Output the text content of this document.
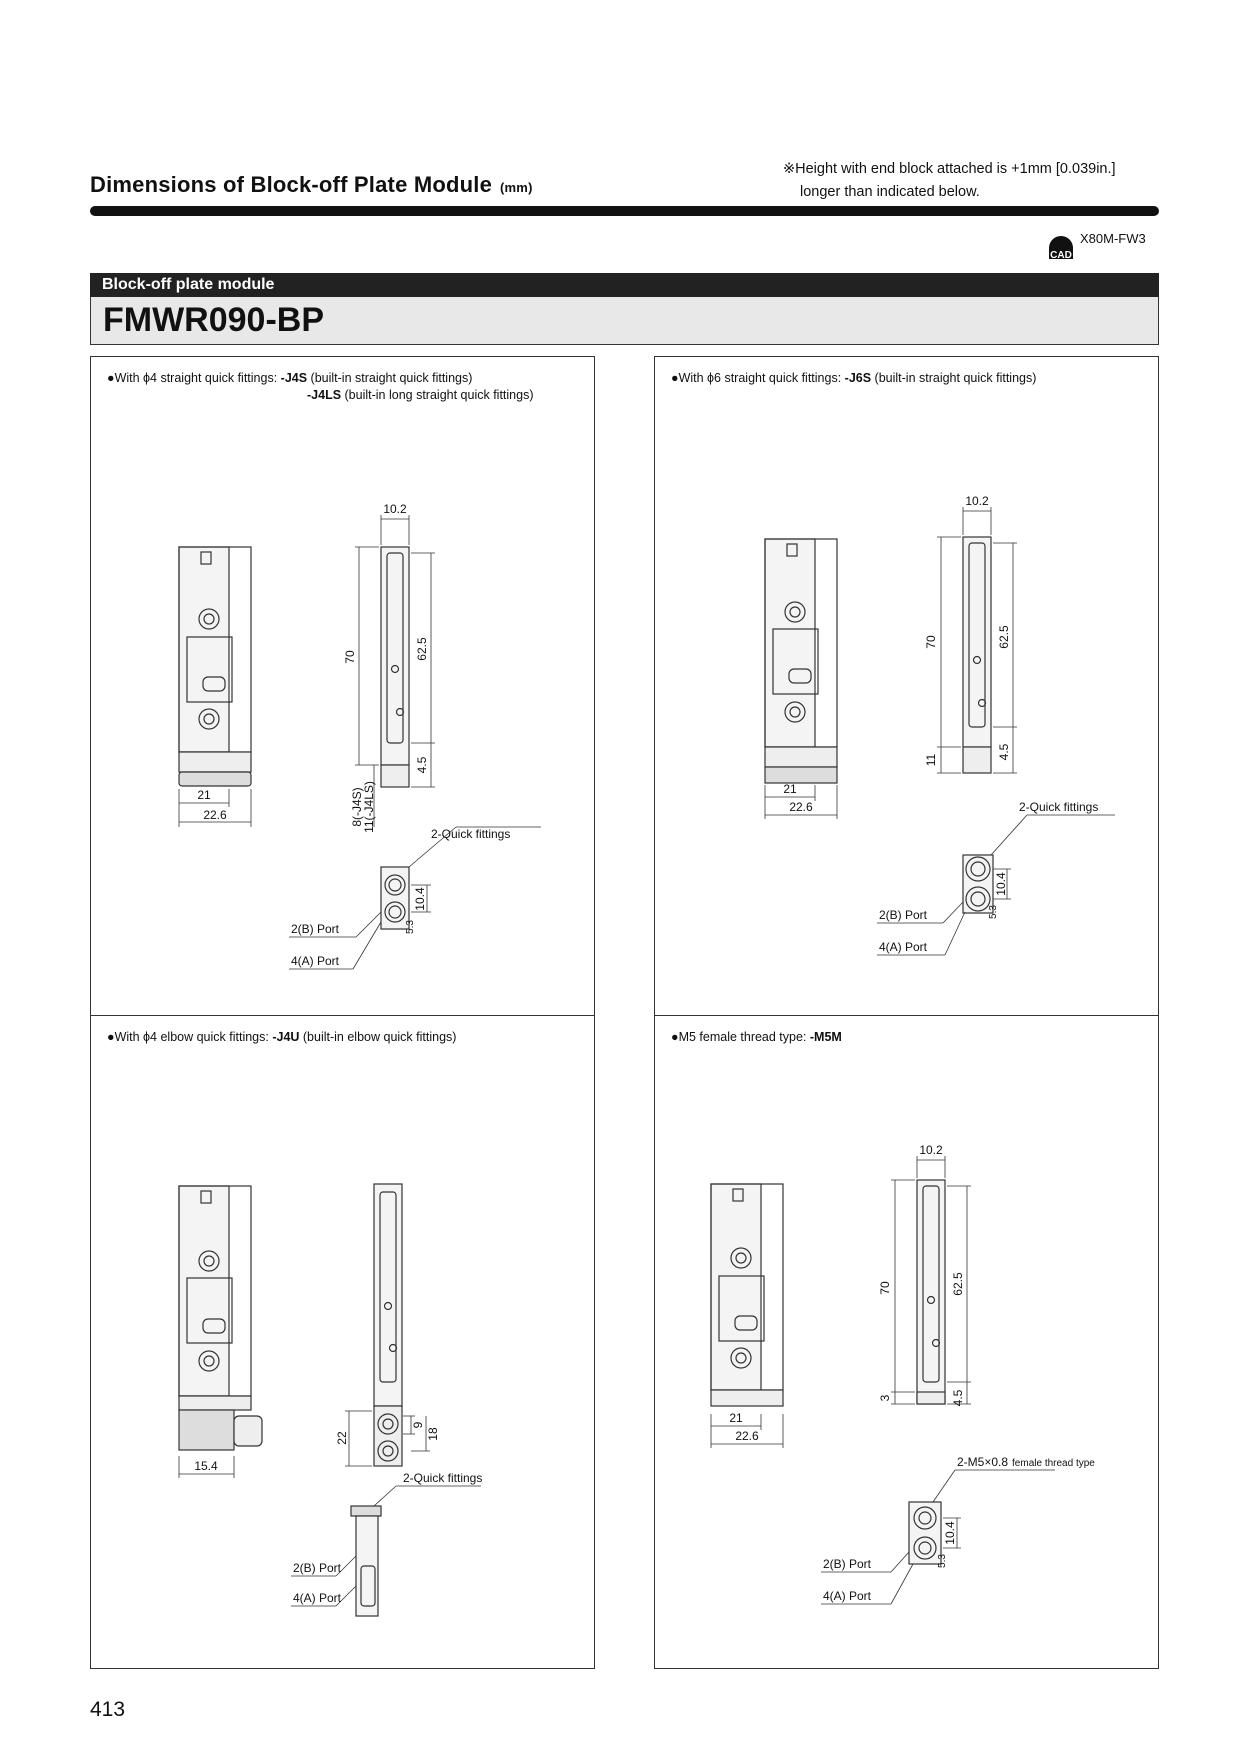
Dimensions of Block-off Plate Module (mm)
※Height with end block attached is +1mm [0.039in.]
longer than indicated below.
CAD
X80M-FW3
Block-off plate module
FMWR090-BP
●With ϕ4 straight quick fittings: -J4S (built-in straight quick fittings)
-J4LS (built-in long straight quick fittings)
10.2
70	62.5
4.5
21
22.6	8(-J4S)
11(-J4LS)
10.4
5.3
2-Quick fittings
2(B) Port
4(A) Port
●With ϕ6 straight quick fittings: -J6S (built-in straight quick fittings)
10.2
70	62.5
4.5
11
21
22.6
10.4
5.3
2-Quick fittings
2(B) Port
4(A) Port
●With ϕ4 elbow quick fittings: -J4U (built-in elbow quick fittings)
15.4
22
9
18
2-Quick fittings
2(B) Port
4(A) Port
●M5 female thread type: -M5M
10.2
70	62.5
4.5
3
21
22.6
10.4
5.3
2-M5×0.8 female thread type
2(B) Port
4(A) Port
413
